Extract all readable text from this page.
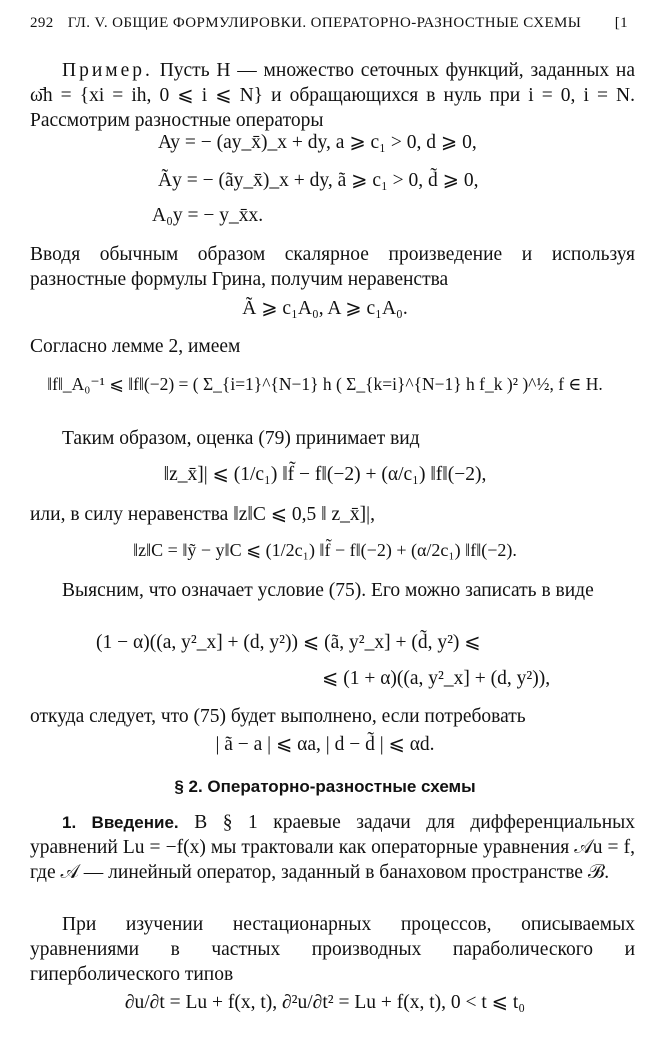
292 ГЛ. V. ОБЩИЕ ФОРМУЛИРОВКИ. ОПЕРАТОРНО-РАЗНОСТНЫЕ СХЕМЫ	[1
Пример. Пусть H — множество сеточных функций, заданных на ω̄h = {xi = ih, 0 ⩽ i ⩽ N} и обращающихся в нуль при i = 0, i = N. Рассмотрим разностные операторы
Ay = − (ay_x̄)_x + dy, a ⩾ c₁ > 0, d ⩾ 0,
Ãy = − (ãy_x̄)_x + dy, ã ⩾ c₁ > 0, d̃ ⩾ 0,
A₀y = − y_x̄x.
Вводя обычным образом скалярное произведение и используя разностные формулы Грина, получим неравенства
Ã ⩾ c₁A₀, A ⩾ c₁A₀.
Согласно лемме 2, имеем
‖f‖_A₀⁻¹ ⩽ ‖f‖(−2) = ( Σ_{i=1}^{N−1} h ( Σ_{k=i}^{N−1} h f_k )² )^½, f ∈ H.
Таким образом, оценка (79) принимает вид
‖z_x̄]| ⩽ (1/c₁) ‖f̃ − f‖(−2) + (α/c₁) ‖f‖(−2),
или, в силу неравенства ‖z‖C ⩽ 0,5 ‖ z_x̄]|,
‖z‖C = ‖ỹ − y‖C ⩽ (1/2c₁) ‖f̃ − f‖(−2) + (α/2c₁) ‖f‖(−2).
Выясним, что означает условие (75). Его можно записать в виде
(1 − α)((a, y²_x] + (d, y²)) ⩽ (ã, y²_x] + (d̃, y²) ⩽
⩽ (1 + α)((a, y²_x] + (d, y²)),
откуда следует, что (75) будет выполнено, если потребовать
| ã − a | ⩽ αa, | d − d̃ | ⩽ αd.
§ 2. Операторно-разностные схемы
1. Введение. В § 1 краевые задачи для дифференциальных уравнений Lu = −f(x) мы трактовали как операторные уравнения 𝒜u = f, где 𝒜 — линейный оператор, заданный в банаховом пространстве ℬ.
При изучении нестационарных процессов, описываемых уравнениями в частных производных параболического и гиперболического типов
∂u/∂t = Lu + f(x, t), ∂²u/∂t² = Lu + f(x, t), 0 < t ⩽ t₀
